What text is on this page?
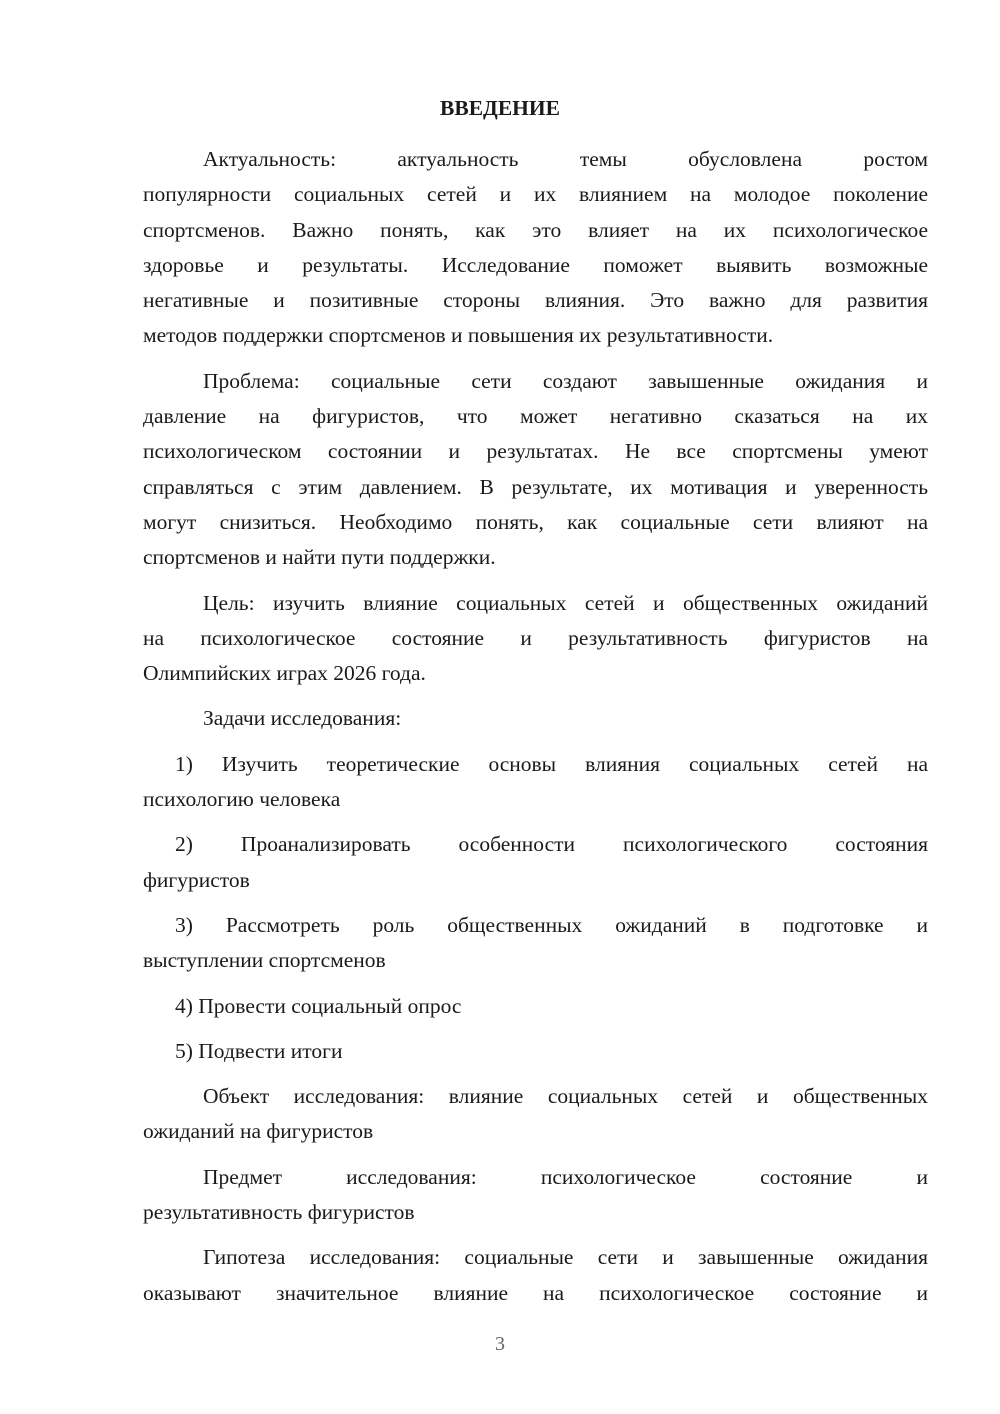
ВВЕДЕНИЕ
Актуальность: актуальность темы обусловлена ростом
популярности социальных сетей и их влиянием на молодое поколение
спортсменов. Важно понять, как это влияет на их психологическое
здоровье и результаты. Исследование поможет выявить возможные
негативные и позитивные стороны влияния. Это важно для развития
методов поддержки спортсменов и повышения их результативности.
Проблема: социальные сети создают завышенные ожидания и
давление на фигуристов, что может негативно сказаться на их
психологическом состоянии и результатах. Не все спортсмены умеют
справляться с этим давлением. В результате, их мотивация и уверенность
могут снизиться. Необходимо понять, как социальные сети влияют на
спортсменов и найти пути поддержки.
Цель: изучить влияние социальных сетей и общественных ожиданий
на психологическое состояние и результативность фигуристов на
Олимпийских играх 2026 года.
Задачи исследования:
1) Изучить теоретические основы влияния социальных сетей на
психологию человека
2) Проанализировать особенности психологического состояния
фигуристов
3) Рассмотреть роль общественных ожиданий в подготовке и
выступлении спортсменов
4) Провести социальный опрос
5) Подвести итоги
Объект исследования: влияние социальных сетей и общественных
ожиданий на фигуристов
Предмет исследования: психологическое состояние и
результативность фигуристов
Гипотеза исследования: социальные сети и завышенные ожидания
оказывают значительное влияние на психологическое состояние и
3
